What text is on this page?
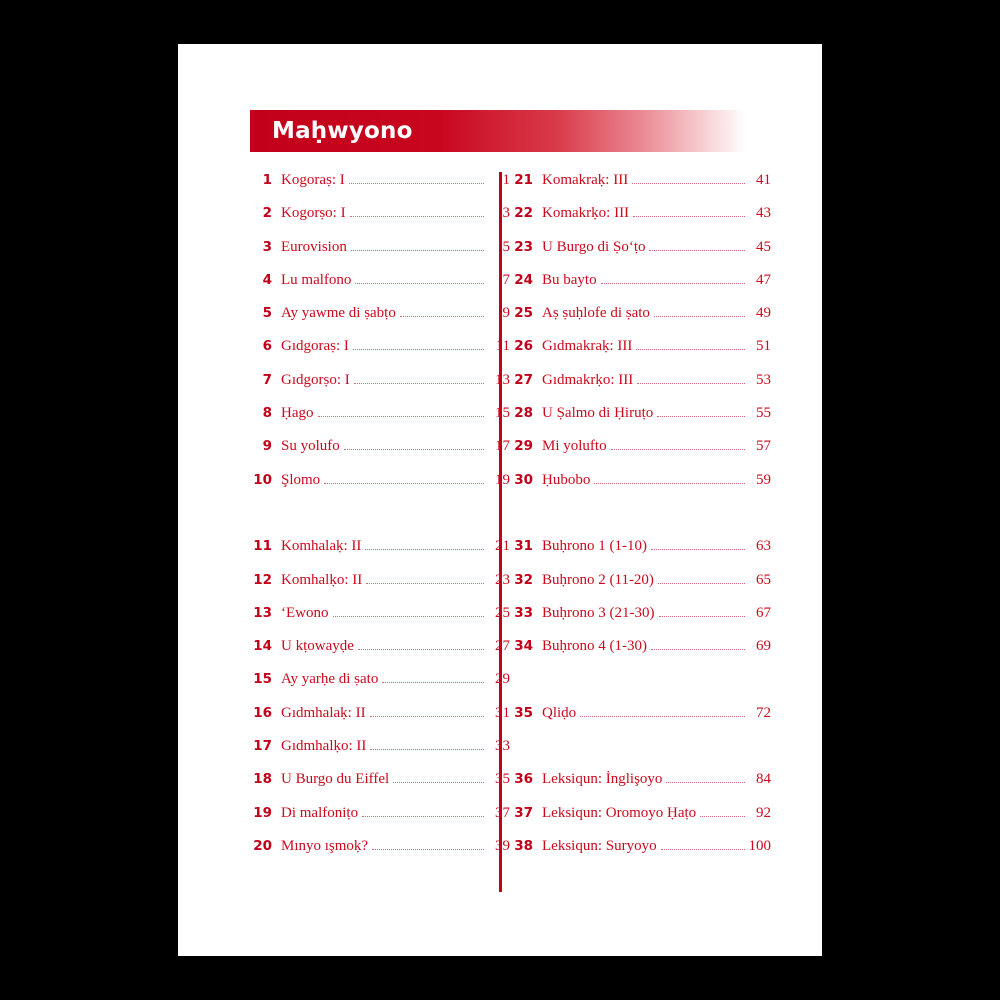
Maḥwyono
1 Kogoraṣ: I	1
2 Kogorṣo: I	3
3 Eurovision	5
4 Lu malfono	7
5 Ay yawme di ṣabṭo	9
6 Gıdgoraṣ: I	11
7 Gıdgorṣo: I	13
8 Ḥago	15
9 Su yolufo	17
10 Şlomo	19
11 Komhalaḳ: II	21
12 Komhalḳo: II	23
13 ‘Ewono	25
14 U kṭowayḍe	27
15 Ay yarḥe di ṣato	29
16 Gıdmhalaḳ: II	31
17 Gıdmhalḳo: II	33
18 U Burgo du Eiffel	35
19 Di malfoniṭo	37
20 Mınyo ışmoḳ?	39
21 Komakraḳ: III	41
22 Komakrḳo: III	43
23 U Burgo di Ṣo‘ṭo	45
24 Bu bayto	47
25 Aṣ ṣuḥlofe di ṣato	49
26 Gıdmakraḳ: III	51
27 Gıdmakrḳo: III	53
28 U Ṣalmo di Ḥiruṭo	55
29 Mi yolufto	57
30 Ḥubobo	59
31 Buḥrono 1 (1-10)	63
32 Buḥrono 2 (11-20)	65
33 Buḥrono 3 (21-30)	67
34 Buḥrono 4 (1-30)	69
35 Qliḍo	72
36 Leksiqun: İnglişoyo	84
37 Leksiqun: Oromoyo Ḥaṭo	92
38 Leksiqun: Suryoyo	100
